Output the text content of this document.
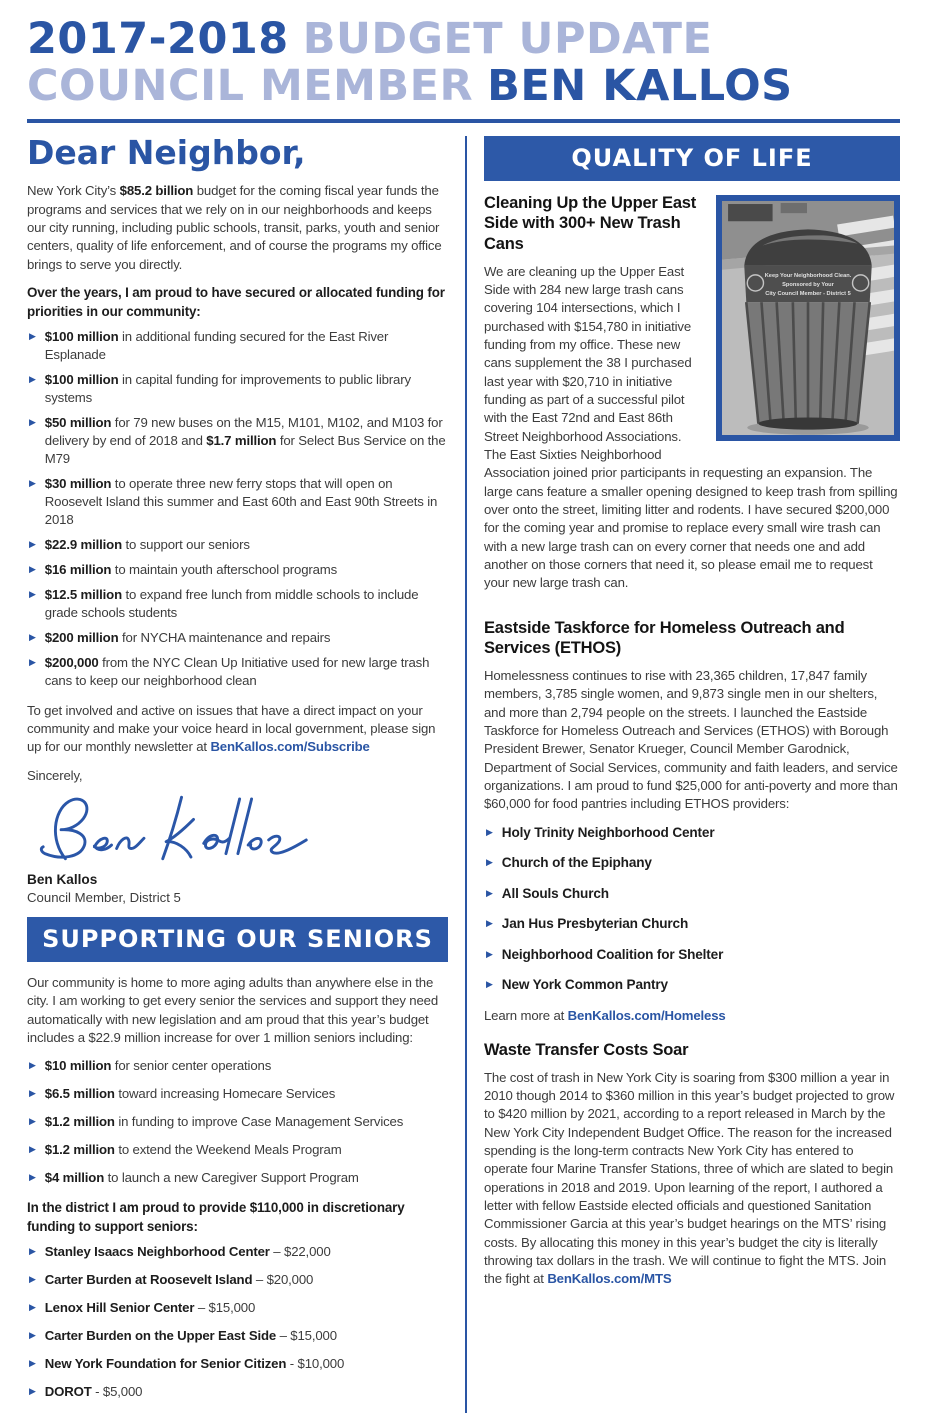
2017-2018 BUDGET UPDATE
COUNCIL MEMBER BEN KALLOS
Dear Neighbor,

New York City’s $85.2 billion budget for the coming fiscal year funds the programs and services that we rely on in our neighborhoods and keeps our city running, including public schools, transit, parks, youth and senior centers, quality of life enforcement, and of course the programs my office brings to serve you directly.

Over the years, I am proud to have secured or allocated funding for priorities in our community:

▶ $100 million in additional funding secured for the East River Esplanade
▶ $100 million in capital funding for improvements to public library systems
▶ $50 million for 79 new buses on the M15, M101, M102, and M103 for delivery by end of 2018 and $1.7 million for Select Bus Service on the M79
▶ $30 million to operate three new ferry stops that will open on Roosevelt Island this summer and East 60th and East 90th Streets in 2018
▶ $22.9 million to support our seniors
▶ $16 million to maintain youth afterschool programs
▶ $12.5 million to expand free lunch from middle schools to include grade schools students
▶ $200 million for NYCHA maintenance and repairs
▶ $200,000 from the NYC Clean Up Initiative used for new large trash cans to keep our neighborhood clean

To get involved and active on issues that have a direct impact on your community and make your voice heard in local government, please sign up for our monthly newsletter at BenKallos.com/Subscribe

Sincerely,

Ben Kallos
Council Member, District 5
SUPPORTING OUR SENIORS

Our community is home to more aging adults than anywhere else in the city. I am working to get every senior the services and support they need automatically with new legislation and am proud that this year’s budget includes a $22.9 million increase for over 1 million seniors including:

▶ $10 million for senior center operations
▶ $6.5 million toward increasing Homecare Services
▶ $1.2 million in funding to improve Case Management Services
▶ $1.2 million to extend the Weekend Meals Program
▶ $4 million to launch a new Caregiver Support Program

In the district I am proud to provide $110,000 in discretionary funding to support seniors:

▶ Stanley Isaacs Neighborhood Center – $22,000
▶ Carter Burden at Roosevelt Island – $20,000
▶ Lenox Hill Senior Center – $15,000
▶ Carter Burden on the Upper East Side – $15,000
▶ New York Foundation for Senior Citizen - $10,000
▶ DOROT - $5,000
QUALITY OF LIFE
Keep Your Neighborhood Clean.
Sponsored by Your
City Council Member - District 5
Cleaning Up the Upper East Side with 300+ New Trash Cans

We are cleaning up the Upper East Side with 284 new large trash cans covering 104 intersections, which I purchased with $154,780 in initiative funding from my office. These new cans supplement the 38 I purchased last year with $20,710 in initiative funding as part of a successful pilot with the East 72nd and East 86th Street Neighborhood Associations. The East Sixties Neighborhood Association joined prior participants in requesting an expansion. The large cans feature a smaller opening designed to keep trash from spilling over onto the street, limiting litter and rodents. I have secured $200,000 for the coming year and promise to replace every small wire trash can with a new large trash can on every corner that needs one and add another on those corners that need it, so please email me to request your new large trash can.

Eastside Taskforce for Homeless Outreach and Services (ETHOS)

Homelessness continues to rise with 23,365 children, 17,847 family members, 3,785 single women, and 9,873 single men in our shelters, and more than 2,794 people on the streets. I launched the Eastside Taskforce for Homeless Outreach and Services (ETHOS) with Borough President Brewer, Senator Krueger, Council Member Garodnick, Department of Social Services, community and faith leaders, and service organizations. I am proud to fund $25,000 for anti-poverty and more than $60,000 for food pantries including ETHOS providers:

▶ Holy Trinity Neighborhood Center
▶ Church of the Epiphany
▶ All Souls Church
▶ Jan Hus Presbyterian Church
▶ Neighborhood Coalition for Shelter
▶ New York Common Pantry

Learn more at BenKallos.com/Homeless

Waste Transfer Costs Soar

The cost of trash in New York City is soaring from $300 million a year in 2010 though 2014 to $360 million in this year’s budget projected to grow to $420 million by 2021, according to a report released in March by the New York City Independent Budget Office. The reason for the increased spending is the long-term contracts New York City has entered to operate four Marine Transfer Stations, three of which are slated to begin operations in 2018 and 2019. Upon learning of the report, I authored a letter with fellow Eastside elected officials and questioned Sanitation Commissioner Garcia at this year’s budget hearings on the MTS’ rising costs. By allocating this money in this year’s budget the city is literally throwing tax dollars in the trash. We will continue to fight the MTS. Join the fight at BenKallos.com/MTS
